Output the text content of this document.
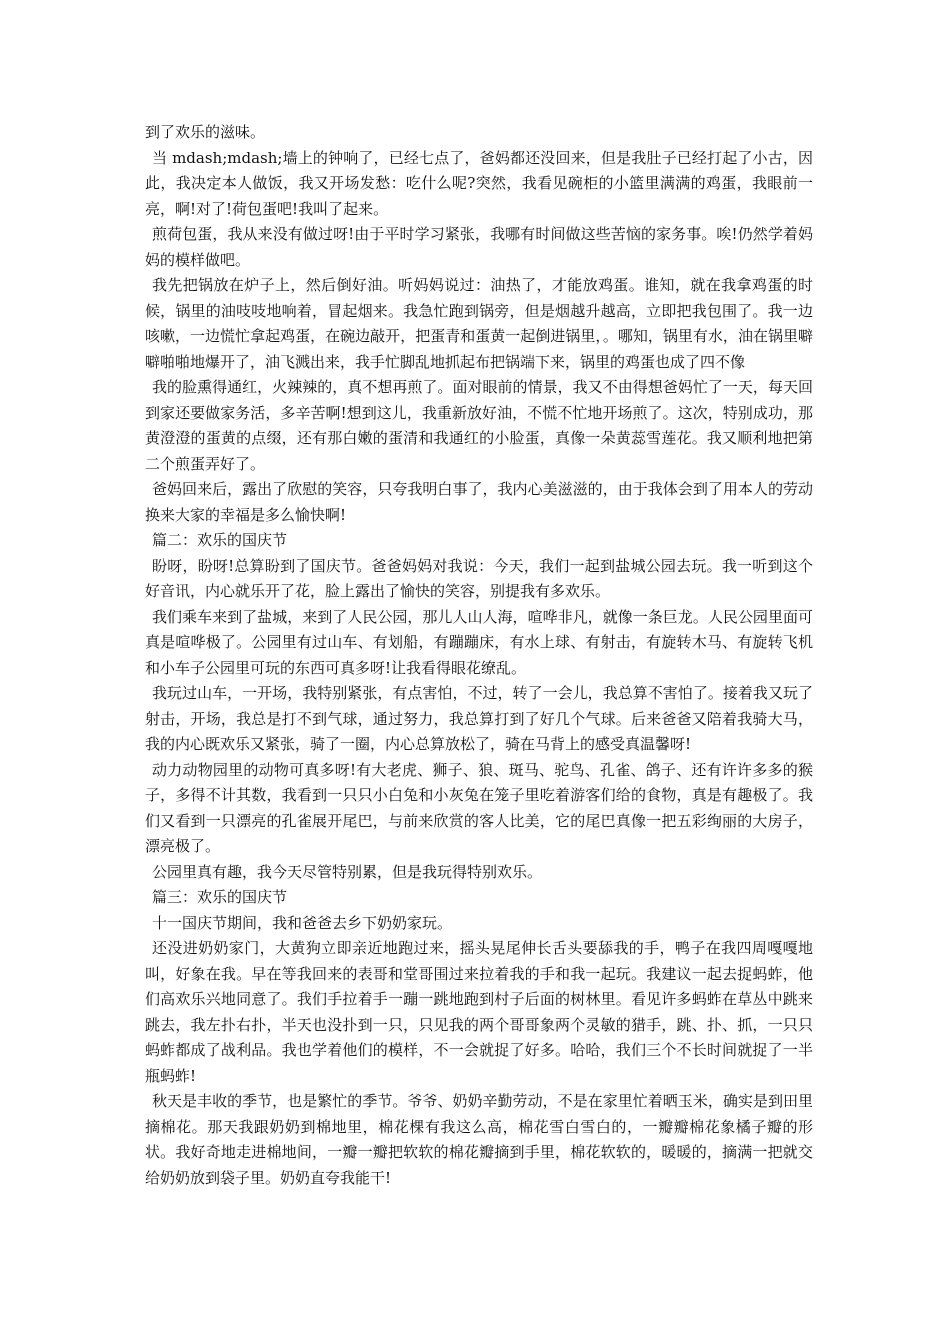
到了欢乐的滋味。

当 mdash;mdash;墙上的钟响了，已经七点了，爸妈都还没回来，但是我肚子已经打起了小古，因此，我决定本人做饭，我又开场发愁：吃什么呢?突然，我看见碗柜的小篮里满满的鸡蛋，我眼前一亮，啊!对了!荷包蛋吧!我叫了起来。

煎荷包蛋，我从来没有做过呀!由于平时学习紧张，我哪有时间做这些苦恼的家务事。唉!仍然学着妈妈的模样做吧。

我先把锅放在炉子上，然后倒好油。听妈妈说过：油热了，才能放鸡蛋。谁知，就在我拿鸡蛋的时候，锅里的油吱吱地响着，冒起烟来。我急忙跑到锅旁，但是烟越升越高，立即把我包围了。我一边咳嗽，一边慌忙拿起鸡蛋，在碗边敲开，把蛋青和蛋黄一起倒进锅里，。哪知，锅里有水，油在锅里噼噼啪啪地爆开了，油飞溅出来，我手忙脚乱地抓起布把锅端下来，锅里的鸡蛋也成了四不像

我的脸熏得通红，火辣辣的，真不想再煎了。面对眼前的情景，我又不由得想爸妈忙了一天，每天回到家还要做家务活，多辛苦啊!想到这儿，我重新放好油，不慌不忙地开场煎了。这次，特别成功，那黄澄澄的蛋黄的点缀，还有那白嫩的蛋清和我通红的小脸蛋，真像一朵黄蕊雪莲花。我又顺利地把第二个煎蛋弄好了。

爸妈回来后，露出了欣慰的笑容，只夸我明白事了，我内心美滋滋的，由于我体会到了用本人的劳动换来大家的幸福是多么愉快啊!

篇二：欢乐的国庆节

盼呀，盼呀!总算盼到了国庆节。爸爸妈妈对我说：今天，我们一起到盐城公园去玩。我一听到这个好音讯，内心就乐开了花，脸上露出了愉快的笑容，别提我有多欢乐。

我们乘车来到了盐城，来到了人民公园，那儿人山人海，喧哗非凡，就像一条巨龙。人民公园里面可真是喧哗极了。公园里有过山车、有划船，有蹦蹦床，有水上球、有射击，有旋转木马、有旋转飞机和小车子公园里可玩的东西可真多呀!让我看得眼花缭乱。

我玩过山车，一开场，我特别紧张，有点害怕，不过，转了一会儿，我总算不害怕了。接着我又玩了射击，开场，我总是打不到气球，通过努力，我总算打到了好几个气球。后来爸爸又陪着我骑大马，我的内心既欢乐又紧张，骑了一圈，内心总算放松了，骑在马背上的感受真温馨呀!

动力动物园里的动物可真多呀!有大老虎、狮子、狼、斑马、驼鸟、孔雀、鸽子、还有许许多多的猴子，多得不计其数，我看到一只只小白兔和小灰兔在笼子里吃着游客们给的食物，真是有趣极了。我们又看到一只漂亮的孔雀展开尾巴，与前来欣赏的客人比美，它的尾巴真像一把五彩绚丽的大房子，漂亮极了。

公园里真有趣，我今天尽管特别累，但是我玩得特别欢乐。

篇三：欢乐的国庆节

十一国庆节期间，我和爸爸去乡下奶奶家玩。

还没进奶奶家门，大黄狗立即亲近地跑过来，摇头晃尾伸长舌头要舔我的手，鸭子在我四周嘎嘎地叫，好象在我。早在等我回来的表哥和堂哥围过来拉着我的手和我一起玩。我建议一起去捉蚂蚱，他们高欢乐兴地同意了。我们手拉着手一蹦一跳地跑到村子后面的树林里。看见许多蚂蚱在草丛中跳来跳去，我左扑右扑，半天也没扑到一只，只见我的两个哥哥象两个灵敏的猎手，跳、扑、抓，一只只蚂蚱都成了战利品。我也学着他们的模样，不一会就捉了好多。哈哈，我们三个不长时间就捉了一半瓶蚂蚱!

秋天是丰收的季节，也是繁忙的季节。爷爷、奶奶辛勤劳动，不是在家里忙着晒玉米，确实是到田里摘棉花。那天我跟奶奶到棉地里，棉花棵有我这么高，棉花雪白雪白的，一瓣瓣棉花象橘子瓣的形状。我好奇地走进棉地间，一瓣一瓣把软软的棉花瓣摘到手里，棉花软软的，暖暖的，摘满一把就交给奶奶放到袋子里。奶奶直夸我能干!
